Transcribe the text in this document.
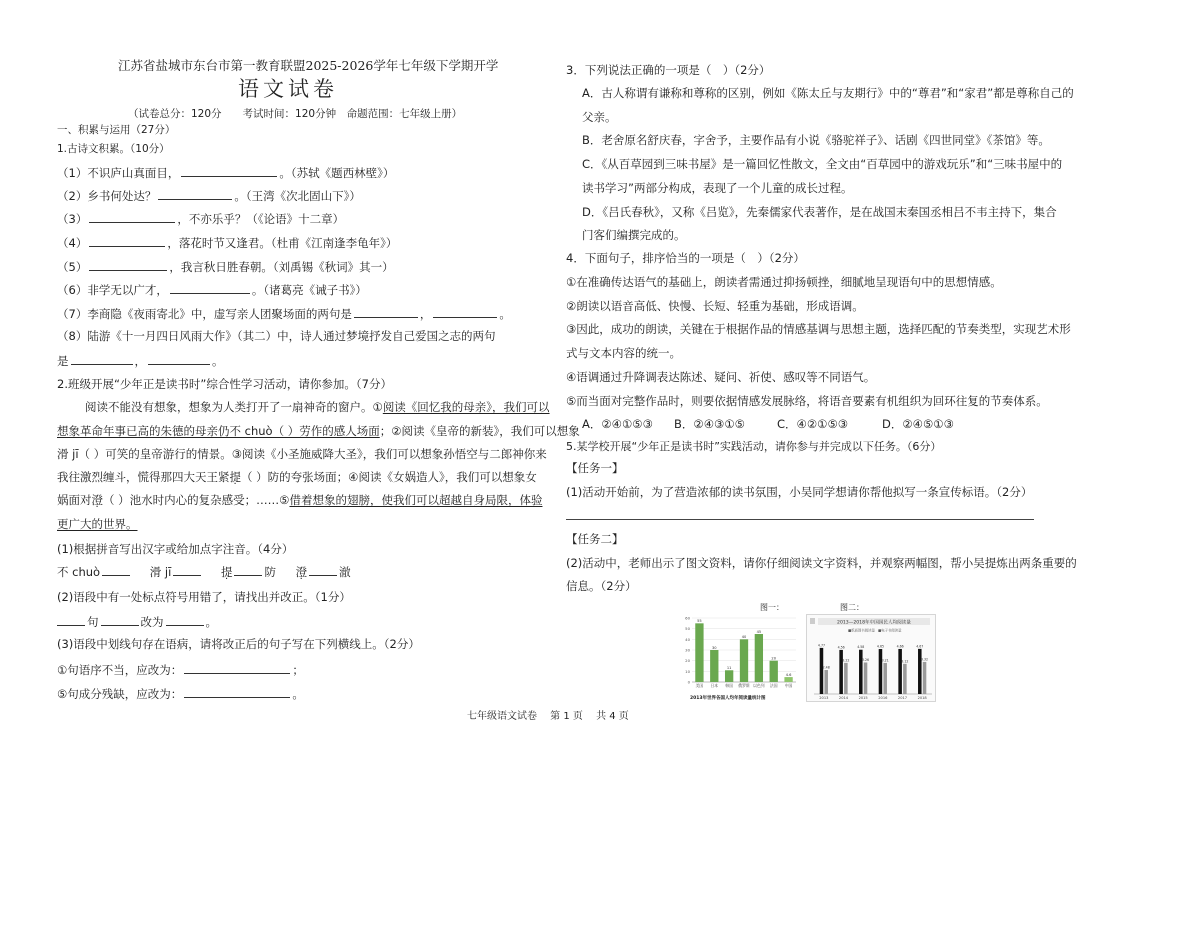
江苏省盐城市东台市第一教育联盟2025-2026学年七年级下学期开学
语文试卷
（试卷总分：120分　　考试时间：120分钟　命题范围：七年级上册）
一、积累与运用（27分）
1.古诗文积累。（10分）
（1）不识庐山真面目，	。（苏轼《题西林壁》）
（2）乡书何处达？	。（王湾《次北固山下》）
（3）	，不亦乐乎？（《论语》十二章）
（4）	，落花时节又逢君。（杜甫《江南逢李龟年》）
（5）	，我言秋日胜春朝。（刘禹锡《秋词》其一）
（6）非学无以广才，	。（诸葛亮《诫子书》）
（7）李商隐《夜雨寄北》中，虚写亲人团聚场面的两句是	，	。
（8）陆游《十一月四日风雨大作》（其二）中，诗人通过梦境抒发自己爱国之志的两句
是	，	。
2.班级开展“少年正是读书时”综合性学习活动，请你参加。（7分）
阅读不能没有想象，想象为人类打开了一扇神奇的窗户。①阅读《回忆我的母亲》，我们可以
想象革命年事已高的朱德的母亲仍不 chuò（ ）劳作的感人场面；②阅读《皇帝的新装》，我们可以想象
滑 jī（ ）可笑的皇帝游行的情景。③阅读《小圣施威降大圣》，我们可以想象孙悟空与二郎神你来
我往激烈缠斗，慌得那四大天王紧提（ ）防的夸张场面；④阅读《女娲造人》，我们可以想象女
娲面对澄（ ）池水时内心的复杂感受；……⑤借着想象的翅膀，使我们可以超越自身局限，体验
更广大的世界。
(1)根据拼音写出汉字或给加点字注音。（4分）
不 chuò	滑 jī	提	防 澄	澈
(2)语段中有一处标点符号用错了，请找出并改正。（1分）
句	改为	。
(3)语段中划线句存在语病，请将改正后的句子写在下列横线上。（2分）
①句语序不当，应改为：	；
⑤句成分残缺，应改为：	。
3．下列说法正确的一项是（　）（2分）
A．古人称谓有谦称和尊称的区别，例如《陈太丘与友期行》中的“尊君”和“家君”都是尊称自己的
父亲。
B．老舍原名舒庆春，字舍予，主要作品有小说《骆驼祥子》、话剧《四世同堂》《茶馆》等。
C．《从百草园到三味书屋》是一篇回忆性散文，全文由“百草园中的游戏玩乐”和“三味书屋中的
读书学习”两部分构成，表现了一个儿童的成长过程。
D．《吕氏春秋》，又称《吕览》，先秦儒家代表著作，是在战国末秦国丞相吕不韦主持下，集合
门客们编撰完成的。
4．下面句子，排序恰当的一项是（　）（2分）
①在准确传达语气的基础上，朗读者需通过抑扬顿挫，细腻地呈现语句中的思想情感。
②朗读以语音高低、快慢、长短、轻重为基础，形成语调。
③因此，成功的朗读，关键在于根据作品的情感基调与思想主题，选择匹配的节奏类型，实现艺术形
式与文本内容的统一。
④语调通过升降调表达陈述、疑问、祈使、感叹等不同语气。
⑤而当面对完整作品时，则要依据情感发展脉络，将语音要素有机组织为回环往复的节奏体系。
A．②④①⑤③ B．②④③①⑤	C．④②①⑤③	D．②④⑤①③
5.某学校开展“少年正是读书时”实践活动，请你参与并完成以下任务。（6分）
【任务一】
(1)活动开始前，为了营造浓郁的读书氛围，小吴同学想请你帮他拟写一条宣传标语。（2分）
【任务二】
(2)活动中，老师出示了图文资料，请你仔细阅读文字资料，并观察两幅图，帮小吴提炼出两条重要的
信息。（2分）
图一：
0
10
20
30
40
50
60
55
美国
30
日本
11
韩国
40
俄罗斯
45
以色列
20
法国
4.6
中国
2013年世界各国人均年阅读量统计图
图二：
2013—2018年中国国民人均阅读量
■纸质图书阅读量 ■电子书阅读量
4.77
2.48
2013
4.56
3.22
2014
4.58
3.26
2015
4.65
3.21
2016
4.66
3.12
2017
4.67
3.32
2018
七年级语文试卷　 第 1 页　 共 4 页
